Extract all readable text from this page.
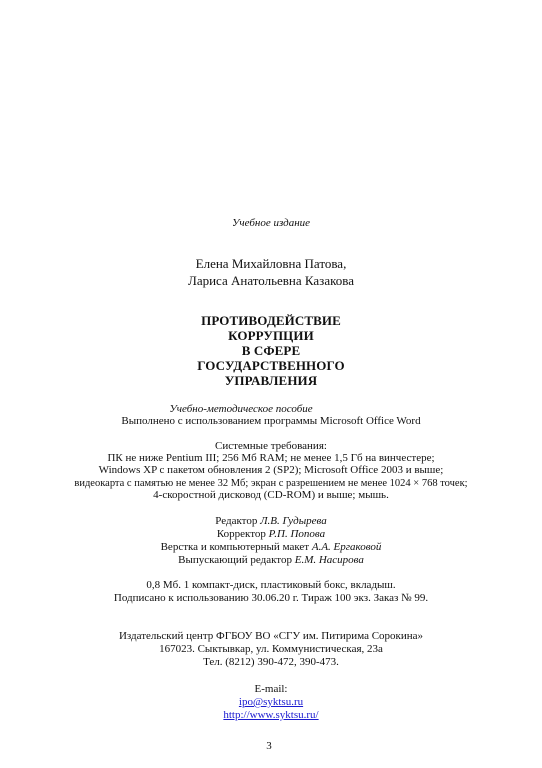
Учебное издание
Елена Михайловна Патова,
Лариса Анатольевна Казакова
ПРОТИВОДЕЙСТВИЕ
КОРРУПЦИИ
В СФЕРЕ
ГОСУДАРСТВЕННОГО
УПРАВЛЕНИЯ
Учебно-методическое пособие
Выполнено с использованием программы Microsoft Office Word
Системные требования:
ПК не ниже Pentium III; 256 Мб RAM; не менее 1,5 Гб на винчестере;
Windows XP с пакетом обновления 2 (SP2); Microsoft Office 2003 и выше;
видеокарта с памятью не менее 32 Мб; экран с разрешением не менее 1024 × 768 точек;
4-скоростной дисковод (CD-ROM) и выше; мышь.
Редактор Л.В. Гудырева
Корректор Р.П. Попова
Верстка и компьютерный макет А.А. Ергаковой
Выпускающий редактор Е.М. Насирова
0,8 Мб. 1 компакт-диск, пластиковый бокс, вкладыш.
Подписано к использованию 30.06.20 г. Тираж 100 экз. Заказ № 99.
Издательский центр ФГБОУ ВО «СГУ им. Питирима Сорокина»
167023. Сыктывкар, ул. Коммунистическая, 23а
Тел. (8212) 390-472, 390-473.
E-mail:
ipo@syktsu.ru
http://www.syktsu.ru/
3
